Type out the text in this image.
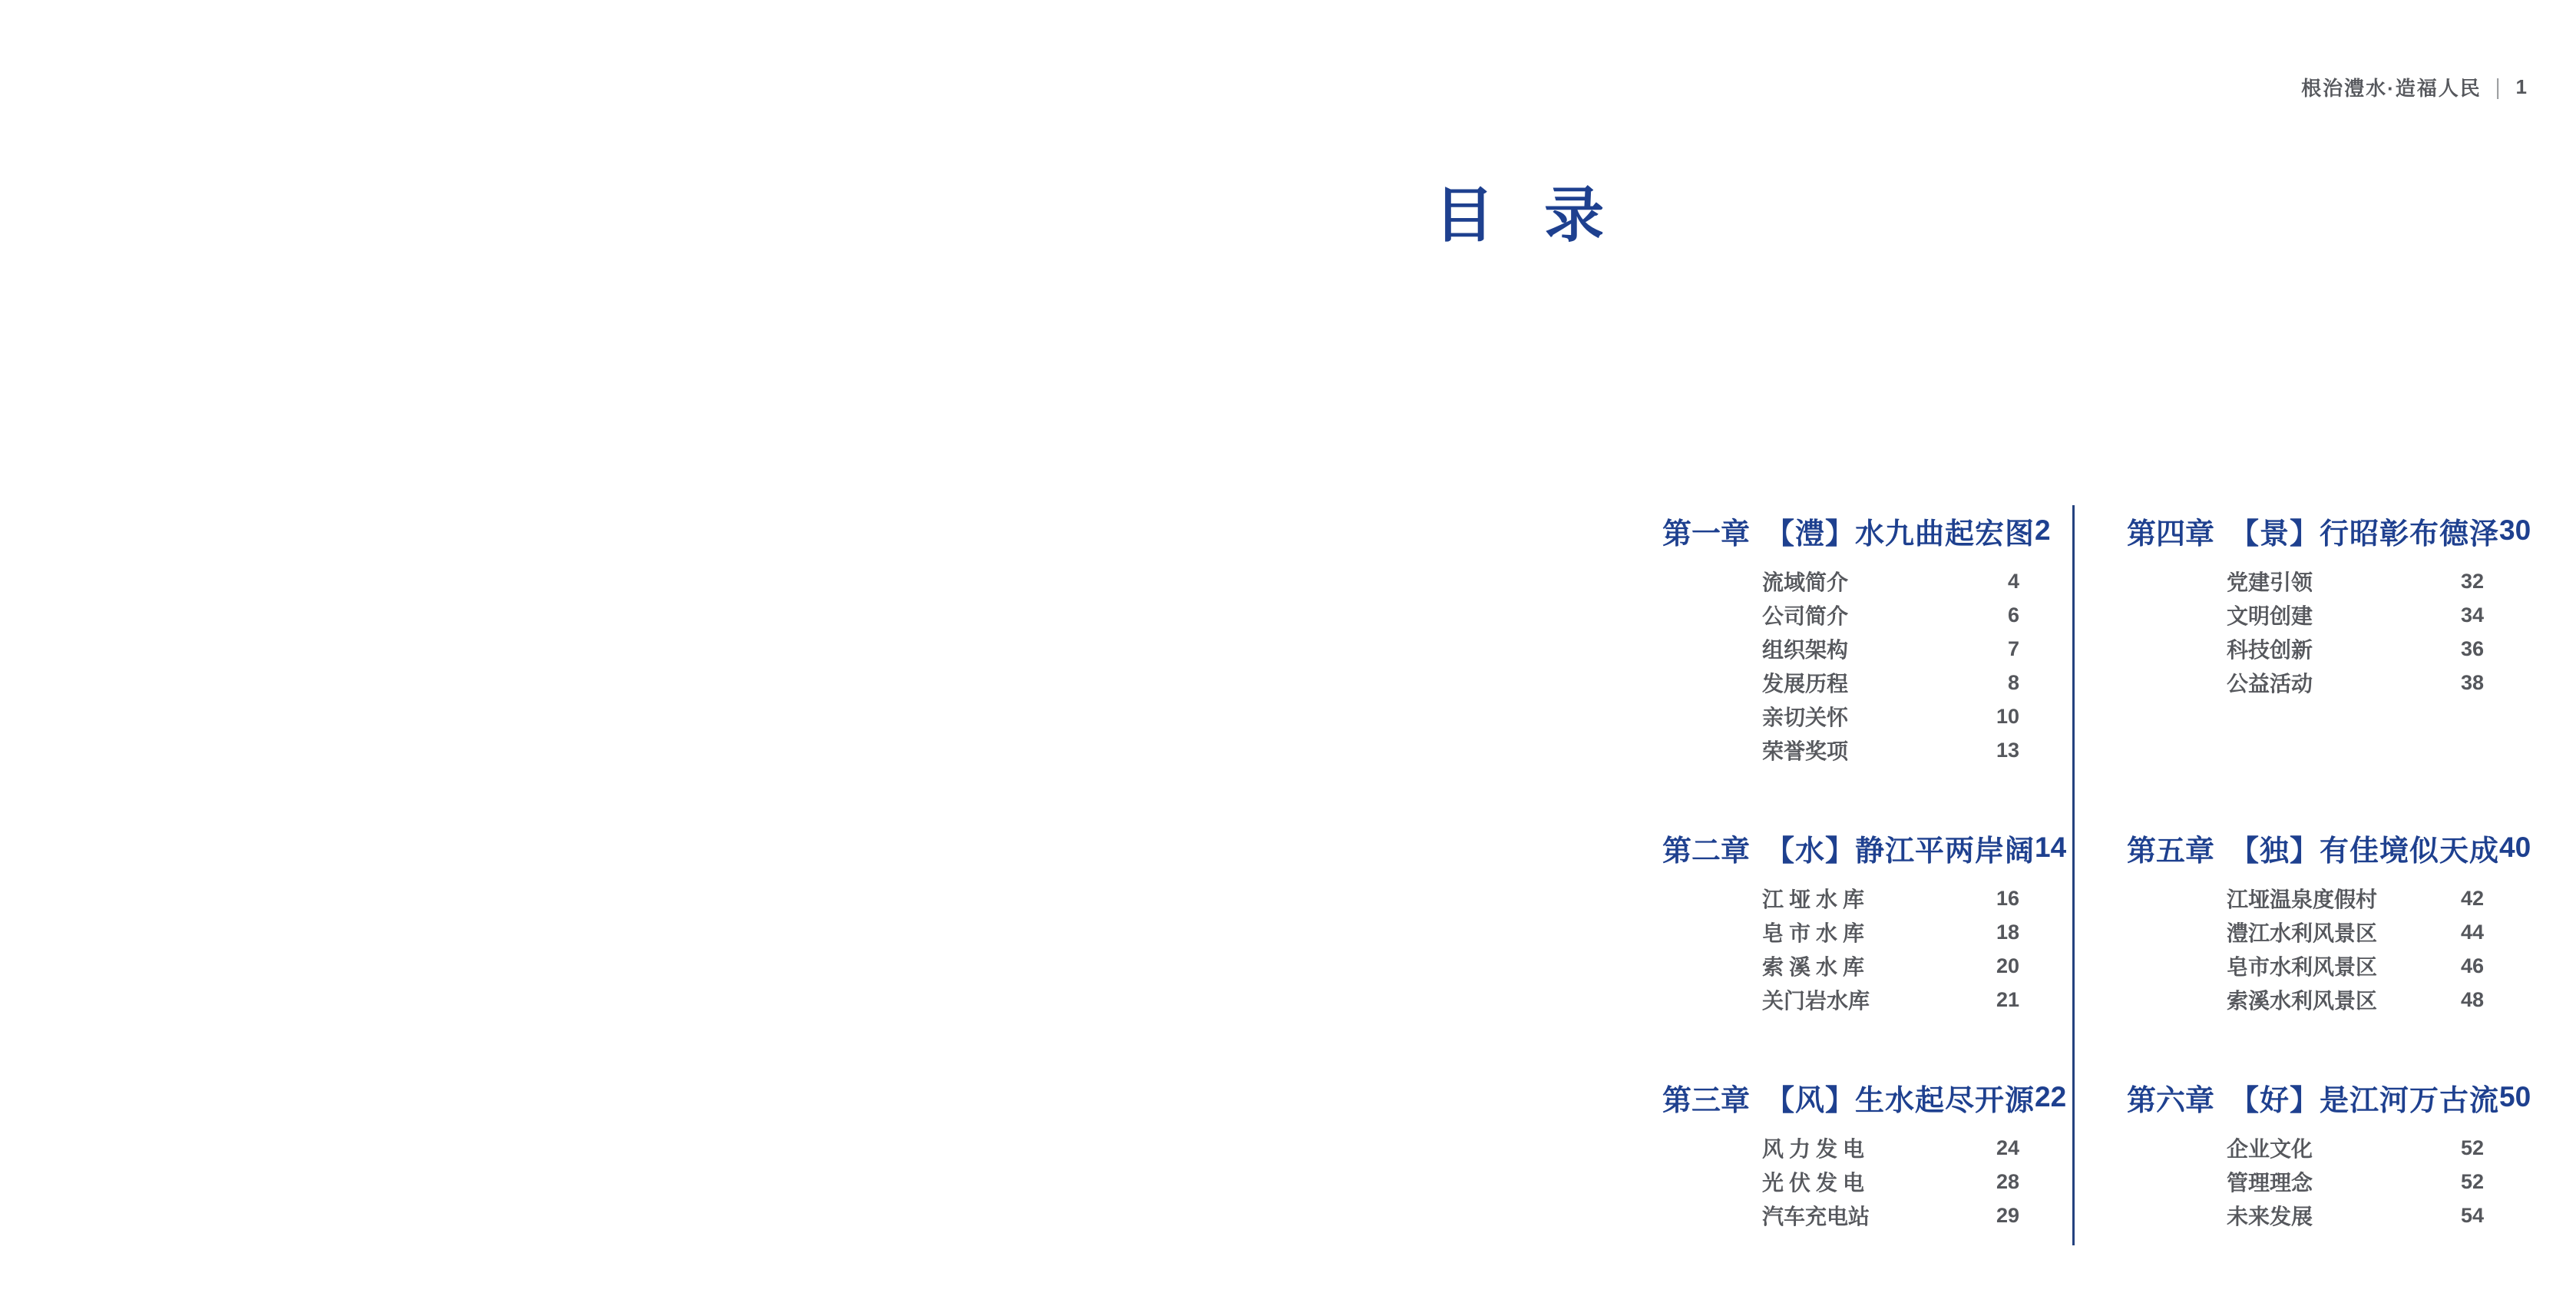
根治澧水·造福人民 | 1
目 录
第一章 【澧】水九曲起宏图 2
流域简介	4
公司简介	6
组织架构	7
发展历程	8
亲切关怀	10
荣誉奖项	13
第二章 【水】静江平两岸阔 14
江垭水库	16
皂市水库	18
索溪水库	20
关门岩水库	21
第三章 【风】生水起尽开源 22
风力发电	24
光伏发电	28
汽车充电站	29
第四章 【景】行昭彰布德泽 30
党建引领	32
文明创建	34
科技创新	36
公益活动	38
第五章 【独】有佳境似天成 40
江垭温泉度假村	42
澧江水利风景区	44
皂市水利风景区	46
索溪水利风景区	48
第六章 【好】是江河万古流 50
企业文化	52
管理理念	52
未来发展	54
